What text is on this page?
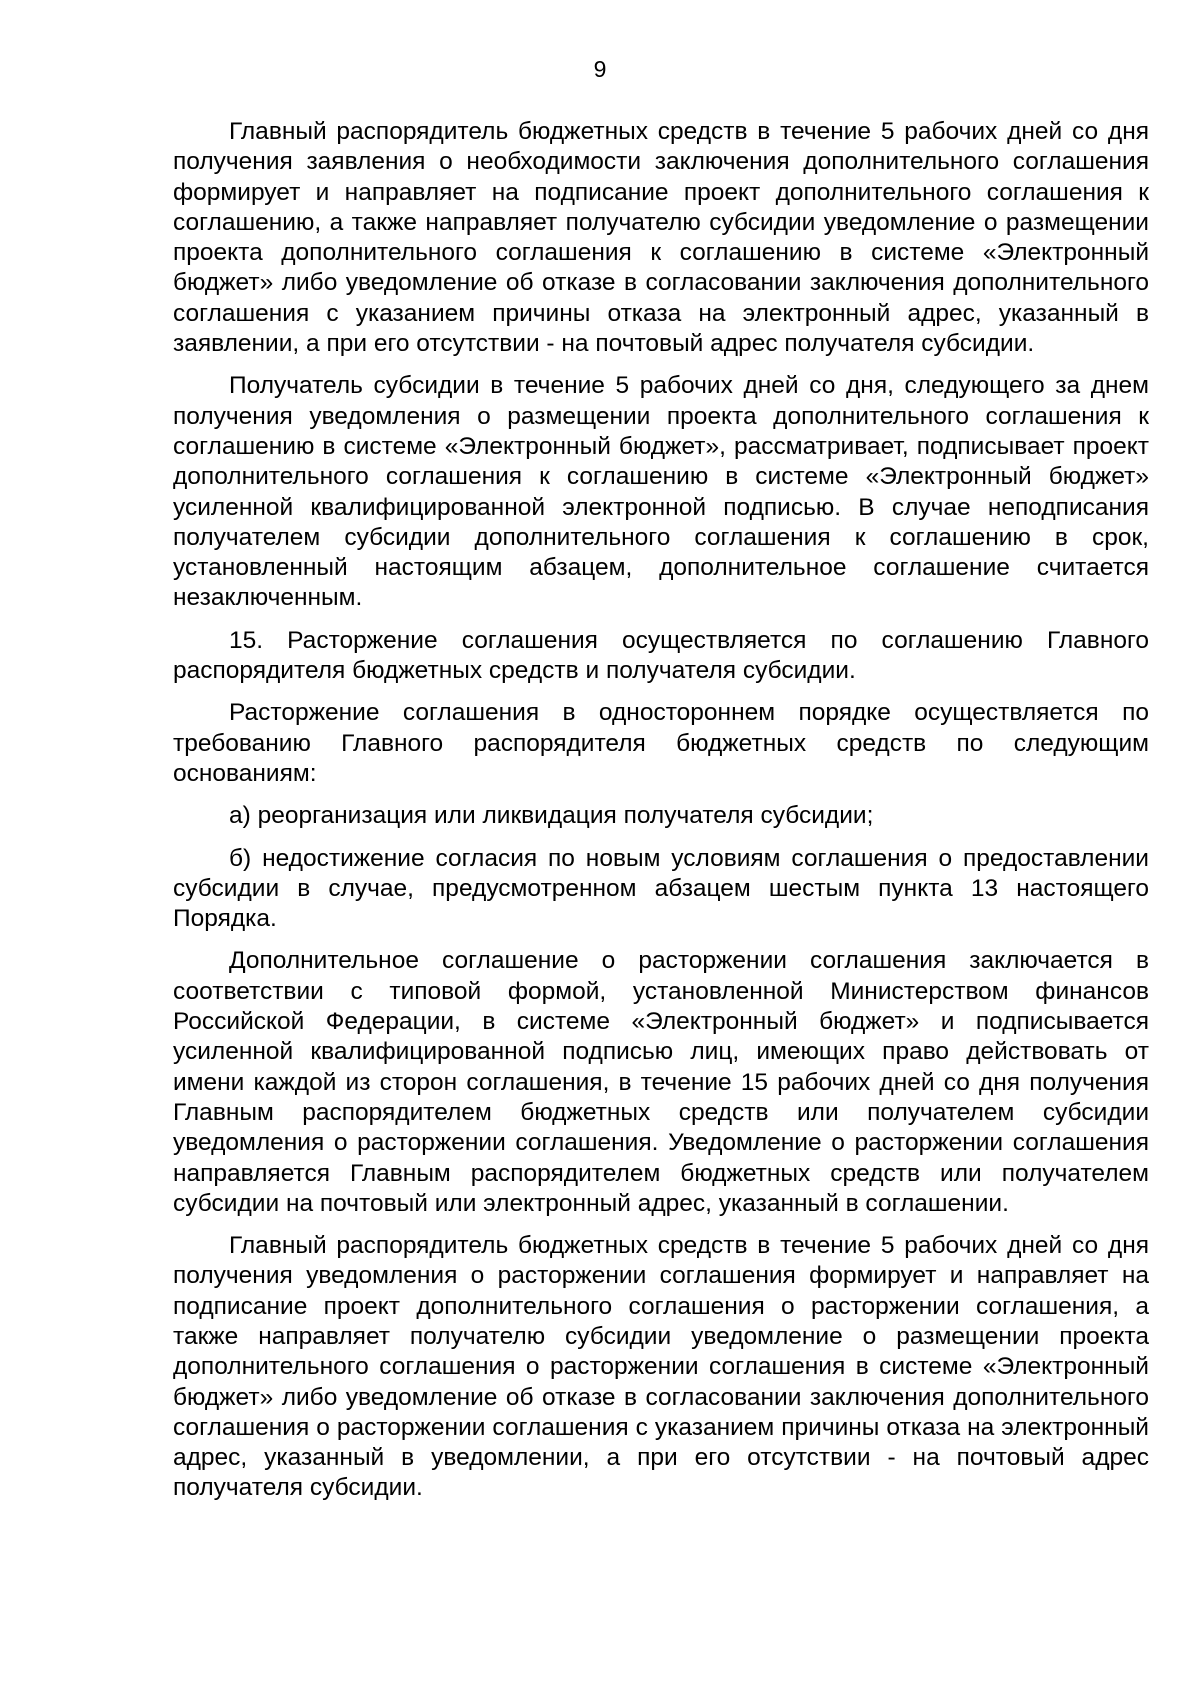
9

Главный распорядитель бюджетных средств в течение 5 рабочих дней со дня получения заявления о необходимости заключения дополнительного соглашения формирует и направляет на подписание проект дополнительного соглашения к соглашению, а также направляет получателю субсидии уведомление о размещении проекта дополнительного соглашения к соглашению в системе «Электронный бюджет» либо уведомление об отказе в согласовании заключения дополнительного соглашения с указанием причины отказа на электронный адрес, указанный в заявлении, а при его отсутствии - на почтовый адрес получателя субсидии.

Получатель субсидии в течение 5 рабочих дней со дня, следующего за днем получения уведомления о размещении проекта дополнительного соглашения к соглашению в системе «Электронный бюджет», рассматривает, подписывает проект дополнительного соглашения к соглашению в системе «Электронный бюджет» усиленной квалифицированной электронной подписью. В случае неподписания получателем субсидии дополнительного соглашения к соглашению в срок, установленный настоящим абзацем, дополнительное соглашение считается незаключенным.

15. Расторжение соглашения осуществляется по соглашению Главного распорядителя бюджетных средств и получателя субсидии.

Расторжение соглашения в одностороннем порядке осуществляется по требованию Главного распорядителя бюджетных средств по следующим основаниям:

а) реорганизация или ликвидация получателя субсидии;

б) недостижение согласия по новым условиям соглашения о предоставлении субсидии в случае, предусмотренном абзацем шестым пункта 13 настоящего Порядка.

Дополнительное соглашение о расторжении соглашения заключается в соответствии с типовой формой, установленной Министерством финансов Российской Федерации, в системе «Электронный бюджет» и подписывается усиленной квалифицированной подписью лиц, имеющих право действовать от имени каждой из сторон соглашения, в течение 15 рабочих дней со дня получения Главным распорядителем бюджетных средств или получателем субсидии уведомления о расторжении соглашения. Уведомление о расторжении соглашения направляется Главным распорядителем бюджетных средств или получателем субсидии на почтовый или электронный адрес, указанный в соглашении.

Главный распорядитель бюджетных средств в течение 5 рабочих дней со дня получения уведомления о расторжении соглашения формирует и направляет на подписание проект дополнительного соглашения о расторжении соглашения, а также направляет получателю субсидии уведомление о размещении проекта дополнительного соглашения о расторжении соглашения в системе «Электронный бюджет» либо уведомление об отказе в согласовании заключения дополнительного соглашения о расторжении соглашения с указанием причины отказа на электронный адрес, указанный в уведомлении, а при его отсутствии - на почтовый адрес получателя субсидии.
